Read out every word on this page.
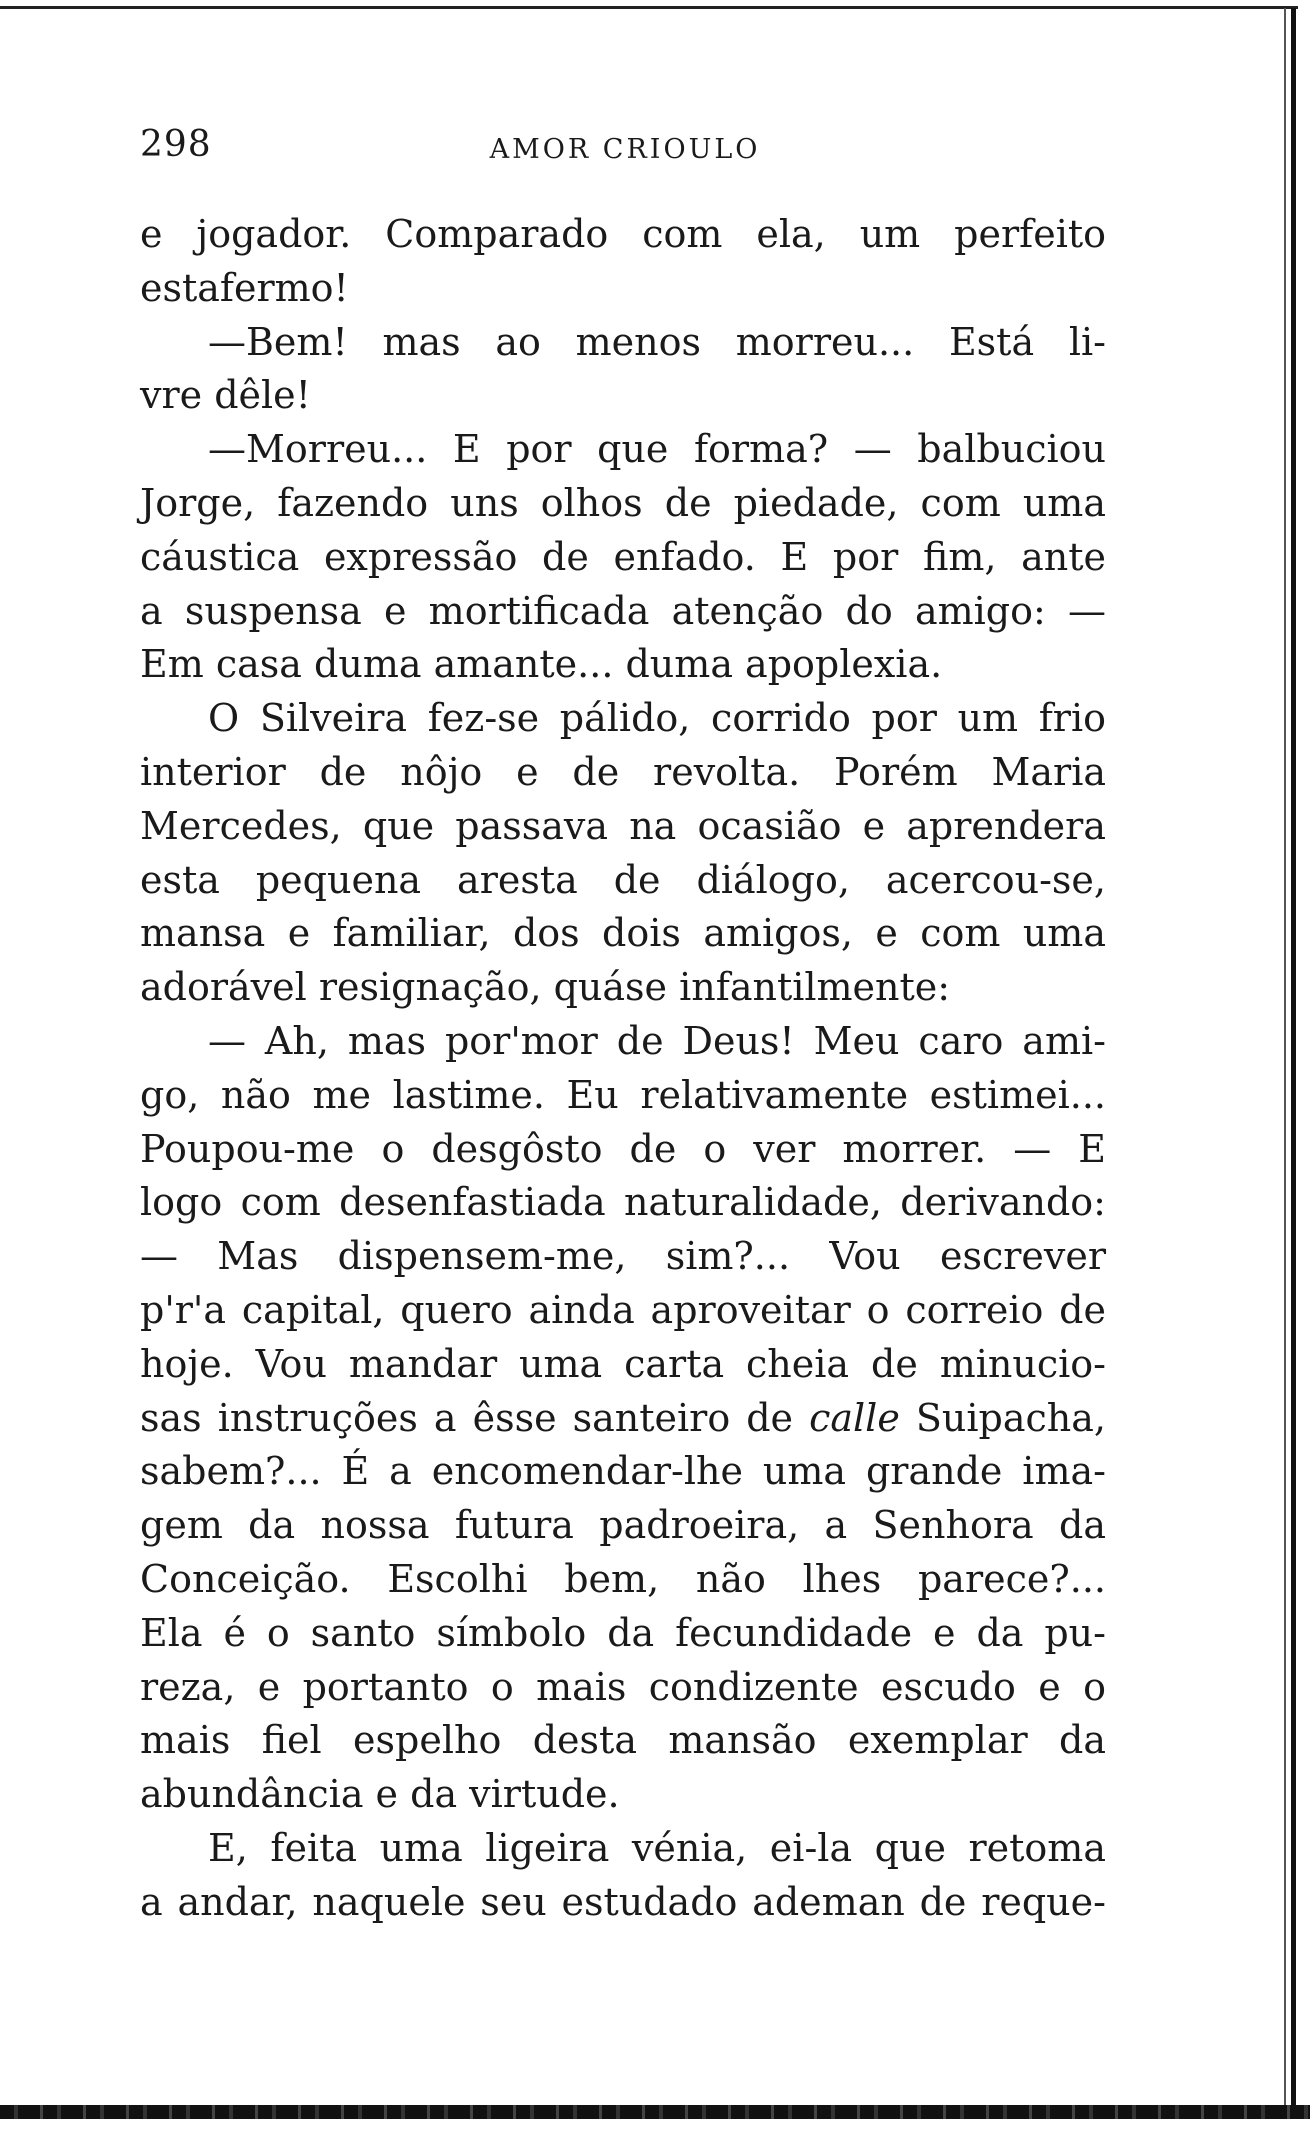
298	AMOR CRIOULO
e jogador. Comparado com ela, um perfeito
estafermo!
—Bem! mas ao menos morreu... Está li-
vre dêle!
—Morreu... E por que forma? — balbuciou
Jorge, fazendo uns olhos de piedade, com uma
cáustica expressão de enfado. E por fim, ante
a suspensa e mortificada atenção do amigo: —
Em casa duma amante... duma apoplexia.
O Silveira fez-se pálido, corrido por um frio
interior de nôjo e de revolta. Porém Maria
Mercedes, que passava na ocasião e aprendera
esta pequena aresta de diálogo, acercou-se,
mansa e familiar, dos dois amigos, e com uma
adorável resignação, quáse infantilmente:
— Ah, mas por'mor de Deus! Meu caro ami-
go, não me lastime. Eu relativamente estimei...
Poupou-me o desgôsto de o ver morrer. — E
logo com desenfastiada naturalidade, derivando:
— Mas dispensem-me, sim?... Vou escrever
p'r'a capital, quero ainda aproveitar o correio de
hoje. Vou mandar uma carta cheia de minucio-
sas instruções a êsse santeiro de calle Suipacha,
sabem?... É a encomendar-lhe uma grande ima-
gem da nossa futura padroeira, a Senhora da
Conceição. Escolhi bem, não lhes parece?...
Ela é o santo símbolo da fecundidade e da pu-
reza, e portanto o mais condizente escudo e o
mais fiel espelho desta mansão exemplar da
abundância e da virtude.
E, feita uma ligeira vénia, ei-la que retoma
a andar, naquele seu estudado ademan de reque-
